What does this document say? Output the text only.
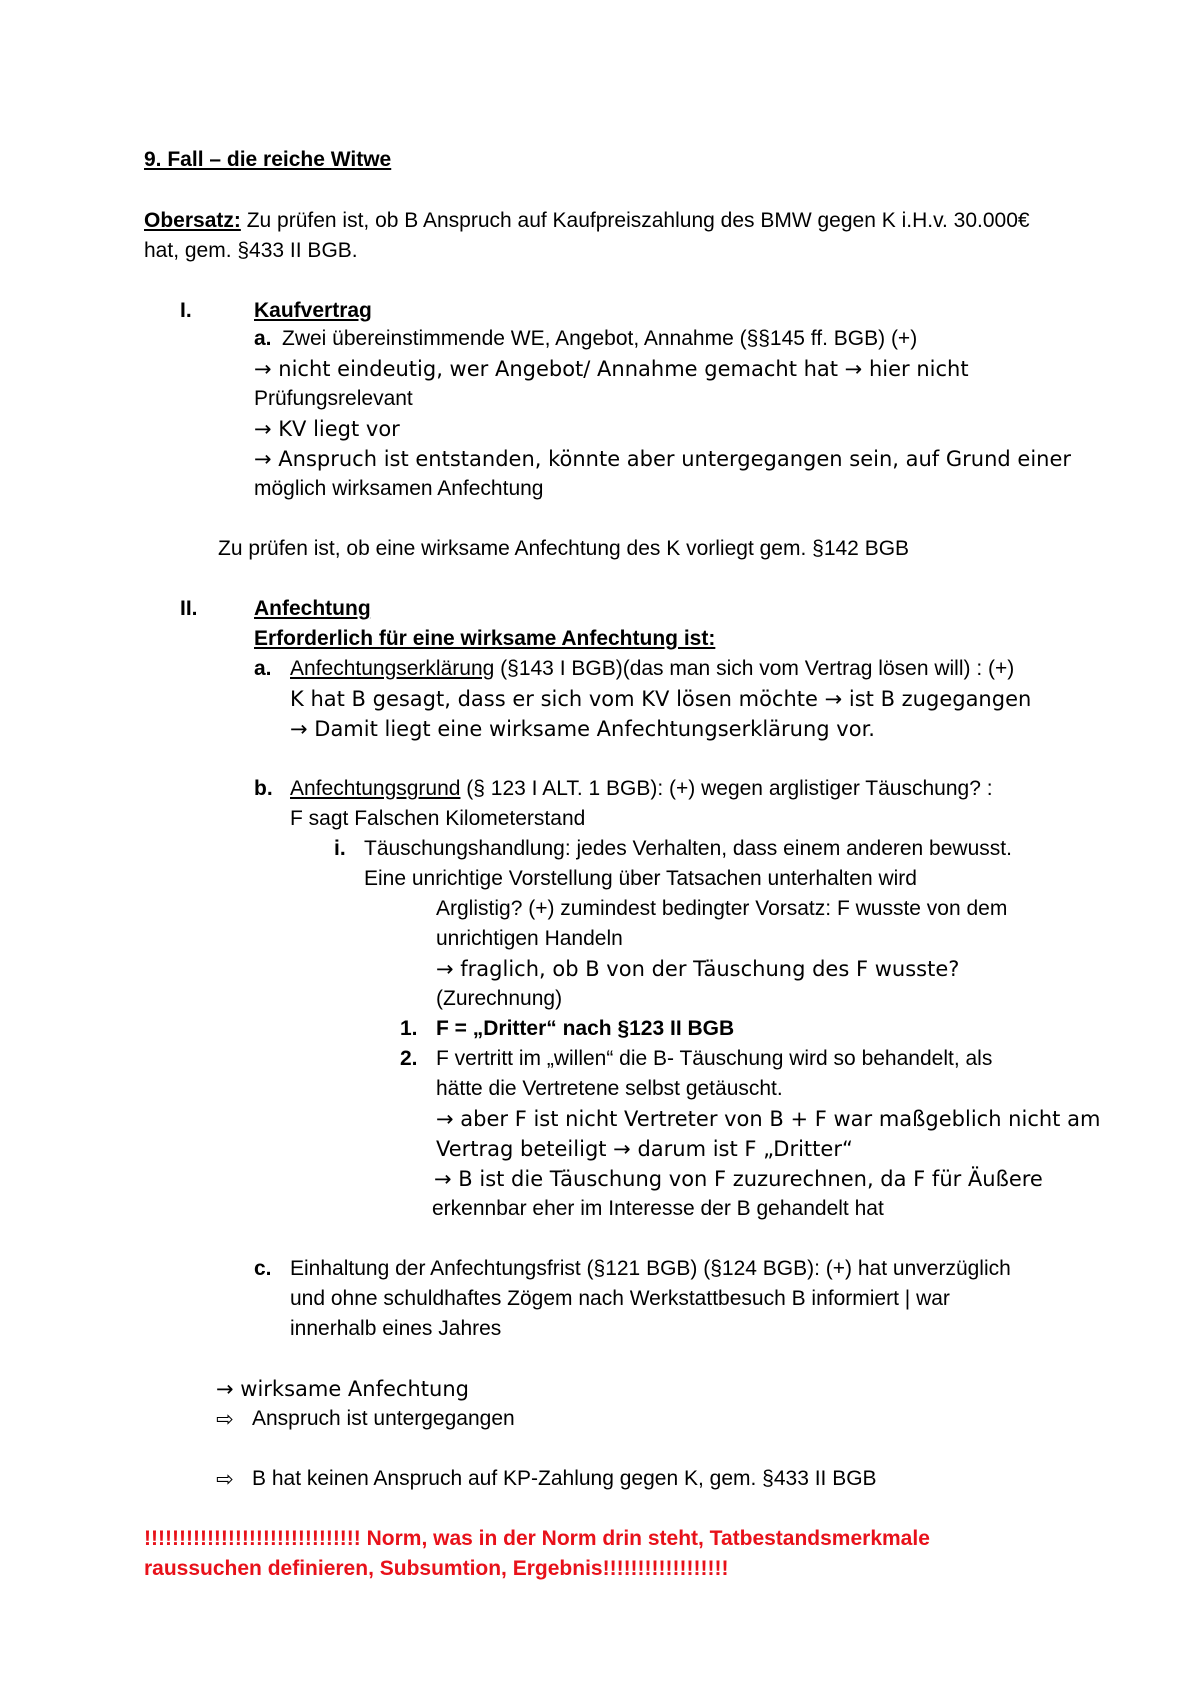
9. Fall – die reiche Witwe
Obersatz: Zu prüfen ist, ob B Anspruch auf Kaufpreiszahlung des BMW gegen K i.H.v. 30.000€
hat, gem. §433 II BGB.
I.	Kaufvertrag
a. Zwei übereinstimmende WE, Angebot, Annahme (§§145 ff. BGB) (+)
→ nicht eindeutig, wer Angebot/ Annahme gemacht hat → hier nicht
Prüfungsrelevant
→ KV liegt vor
→ Anspruch ist entstanden, könnte aber untergegangen sein, auf Grund einer
möglich wirksamen Anfechtung
Zu prüfen ist, ob eine wirksame Anfechtung des K vorliegt gem. §142 BGB
II.	Anfechtung
Erforderlich für eine wirksame Anfechtung ist:
a. Anfechtungserklärung (§143 I BGB)(das man sich vom Vertrag lösen will) : (+)
K hat B gesagt, dass er sich vom KV lösen möchte → ist B zugegangen
→ Damit liegt eine wirksame Anfechtungserklärung vor.
b. Anfechtungsgrund (§ 123 I ALT. 1 BGB): (+) wegen arglistiger Täuschung? :
F sagt Falschen Kilometerstand
i. Täuschungshandlung: jedes Verhalten, dass einem anderen bewusst.
Eine unrichtige Vorstellung über Tatsachen unterhalten wird
Arglistig? (+) zumindest bedingter Vorsatz: F wusste von dem
unrichtigen Handeln
→ fraglich, ob B von der Täuschung des F wusste?
(Zurechnung)
1. F = „Dritter“ nach §123 II BGB
2. F vertritt im „willen“ die B- Täuschung wird so behandelt, als
hätte die Vertretene selbst getäuscht.
→ aber F ist nicht Vertreter von B + F war maßgeblich nicht am
Vertrag beteiligt → darum ist F „Dritter“
→ B ist die Täuschung von F zuzurechnen, da F für Äußere
erkennbar eher im Interesse der B gehandelt hat
c. Einhaltung der Anfechtungsfrist (§121 BGB) (§124 BGB): (+) hat unverzüglich
und ohne schuldhaftes Zögem nach Werkstattbesuch B informiert | war
innerhalb eines Jahres
→ wirksame Anfechtung
⇨ Anspruch ist untergegangen
⇨ B hat keinen Anspruch auf KP-Zahlung gegen K, gem. §433 II BGB
!!!!!!!!!!!!!!!!!!!!!!!!!!!!!!! Norm, was in der Norm drin steht, Tatbestandsmerkmale
raussuchen definieren, Subsumtion, Ergebnis!!!!!!!!!!!!!!!!!!
